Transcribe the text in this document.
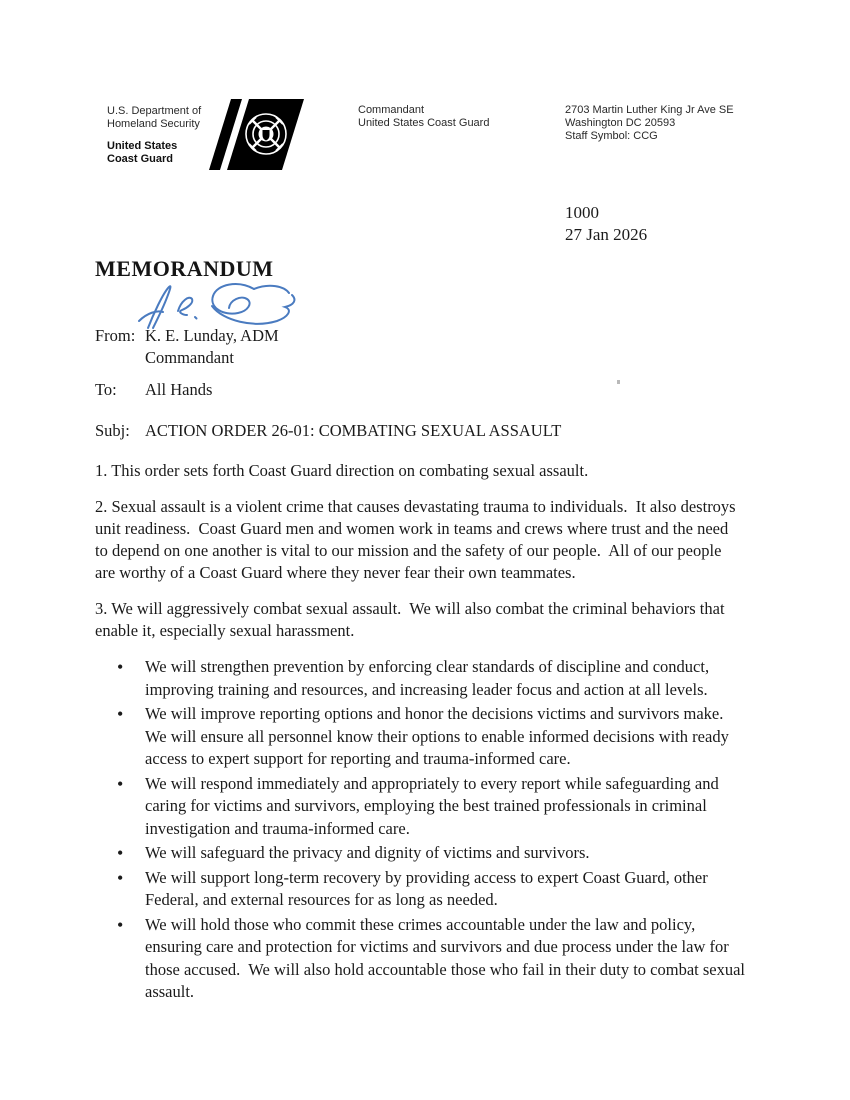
U.S. Department of
Homeland Security
United States
Coast Guard
Commandant
United States Coast Guard
2703 Martin Luther King Jr Ave SE
Washington DC 20593
Staff Symbol: CCG
1000
27 Jan 2026
MEMORANDUM
From: K. E. Lunday, ADM
Commandant
To:	All Hands
Subj: ACTION ORDER 26-01: COMBATING SEXUAL ASSAULT

1. This order sets forth Coast Guard direction on combating sexual assault.

2. Sexual assault is a violent crime that causes devastating trauma to individuals.  It also destroys unit readiness.  Coast Guard men and women work in teams and crews where trust and the need to depend on one another is vital to our mission and the safety of our people.  All of our people are worthy of a Coast Guard where they never fear their own teammates.

3. We will aggressively combat sexual assault.  We will also combat the criminal behaviors that enable it, especially sexual harassment.

• We will strengthen prevention by enforcing clear standards of discipline and conduct, improving training and resources, and increasing leader focus and action at all levels.
• We will improve reporting options and honor the decisions victims and survivors make.  We will ensure all personnel know their options to enable informed decisions with ready access to expert support for reporting and trauma-informed care.
• We will respond immediately and appropriately to every report while safeguarding and caring for victims and survivors, employing the best trained professionals in criminal investigation and trauma-informed care.
• We will safeguard the privacy and dignity of victims and survivors.
• We will support long-term recovery by providing access to expert Coast Guard, other Federal, and external resources for as long as needed.
• We will hold those who commit these crimes accountable under the law and policy, ensuring care and protection for victims and survivors and due process under the law for those accused.  We will also hold accountable those who fail in their duty to combat sexual assault.
